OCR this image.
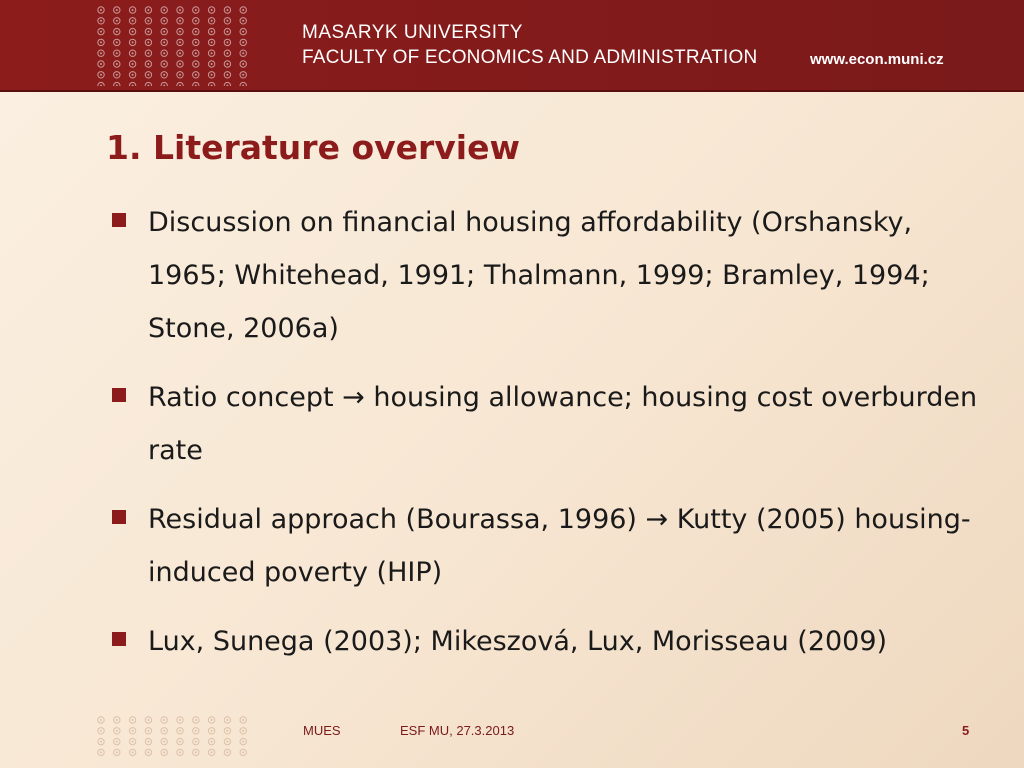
MASARYK UNIVERSITY
FACULTY OF ECONOMICS AND ADMINISTRATION	www.econ.muni.cz
1. Literature overview
Discussion on financial housing affordability (Orshansky, 1965; Whitehead, 1991; Thalmann, 1999; Bramley, 1994; Stone, 2006a)
Ratio concept → housing allowance; housing cost overburden rate
Residual approach (Bourassa, 1996) → Kutty (2005) housing-induced poverty (HIP)
Lux, Sunega (2003); Mikeszová, Lux, Morisseau (2009)
MUES	ESF MU, 27.3.2013	5
